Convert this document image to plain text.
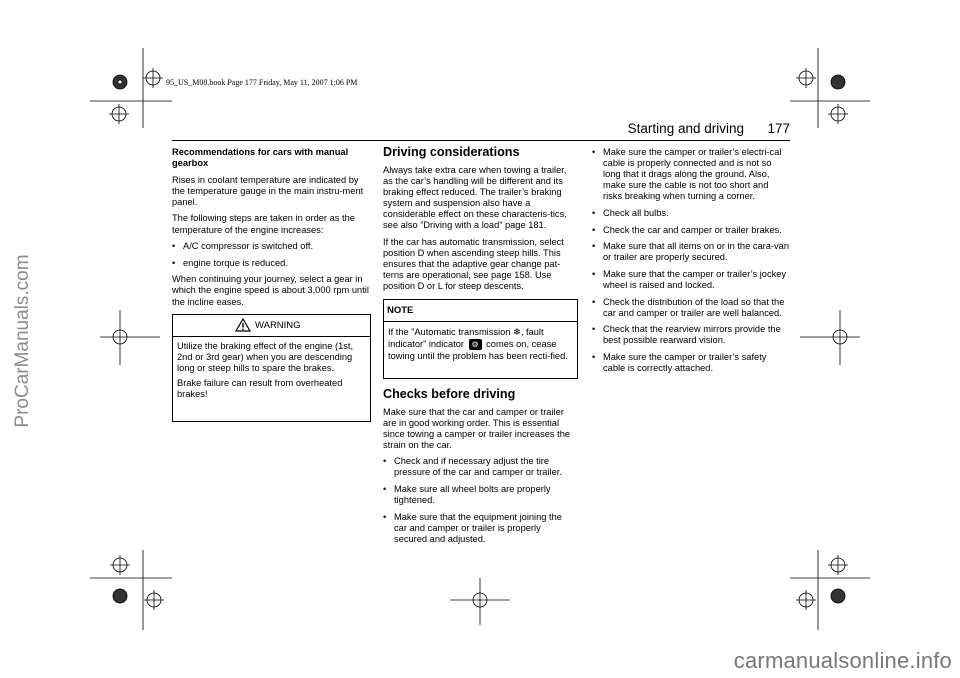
ProCarManuals.com
95_US_M08.book Page 177 Friday, May 11, 2007 1:06 PM
Starting and driving 177

Recommendations for cars with manual gearbox

Rises in coolant temperature are indicated by the temperature gauge in the main instru-ment panel.

The following steps are taken in order as the temperature of the engine increases:

• A/C compressor is switched off.
• engine torque is reduced.

When continuing your journey, select a gear in which the engine speed is about 3,000 rpm until the incline eases.

WARNING

Utilize the braking effect of the engine (1st, 2nd or 3rd gear) when you are descending long or steep hills to spare the brakes.

Brake failure can result from overheated brakes!

Driving considerations

Always take extra care when towing a trailer, as the car’s handling will be different and its braking effect reduced. The trailer’s braking system and suspension also have a considerable effect on these characteris-tics, see also ”Driving with a load” page 181.

If the car has automatic transmission, select position D when ascending steep hills. This ensures that the adaptive gear change pat-terns are operational, see page 158. Use position D or L for steep descents.

NOTE
If the ”Automatic transmission ❄, fault indicator” indicator ⚙ comes on, cease towing until the problem has been recti-fied.

Checks before driving

Make sure that the car and camper or trailer are in good working order. This is essential since towing a camper or trailer increases the strain on the car.

• Check and if necessary adjust the tire pressure of the car and camper or trailer.
• Make sure all wheel bolts are properly tightened.
• Make sure that the equipment joining the car and camper or trailer is properly secured and adjusted.
• Make sure the camper or trailer’s electri-cal cable is properly connected and is not so long that it drags along the ground. Also, make sure the cable is not too short and risks breaking when turning a corner.
• Check all bulbs.
• Check the car and camper or trailer brakes.
• Make sure that all items on or in the cara-van or trailer are properly secured.
• Make sure that the camper or trailer’s jockey wheel is raised and locked.
• Check the distribution of the load so that the car and camper or trailer are well balanced.
• Check that the rearview mirrors provide the best possible rearward vision.
• Make sure the camper or trailer’s safety cable is correctly attached.
carmanualsonline.info
